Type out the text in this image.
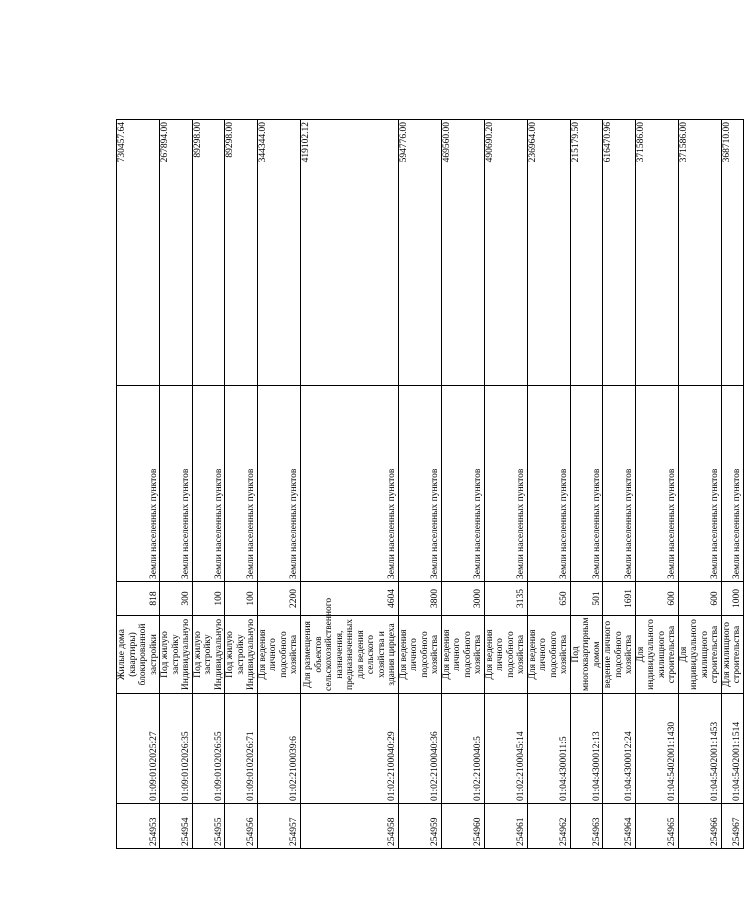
254953	01:09:0102025:27	Жилые дома (квартиры) блокированной застройки	818	Земли населенных пунктов	730457.64
254954	01:09:0102026:35	Под жилую застройку Индивидуальную	300	Земли населенных пунктов	267894.00
254955	01:09:0102026:55	Под жилую застройку Индивидуальную	100	Земли населенных пунктов	89298.00
254956	01:09:0102026:71	Под жилую застройку Индивидуальную	100	Земли населенных пунктов	89298.00
254957	01:02:2100039:6	Для ведения личного подсобного хозяйства	2200	Земли населенных пунктов	344344.00
254958	01:02:2100040:29	Для размещения объектов сельскохозяйственного назначения, предназначенных для ведения сельского хозяйства и здания цирцеха	4604	Земли населенных пунктов	419102.12
254959	01:02:2100040:36	Для ведения личного подсобного хозяйства	3800	Земли населенных пунктов	594776.00
254960	01:02:2100040:5	Для ведения личного подсобного хозяйства	3000	Земли населенных пунктов	469560.00
254961	01:02:2100045:14	Для ведения личного подсобного хозяйства	3135	Земли населенных пунктов	490690.20
254962	01:04:4300011:5	Для ведения личного подсобного хозяйства	650	Земли населенных пунктов	236964.00
254963	01:04:4300012:13	Под многоквартирным домом	501	Земли населенных пунктов	215179.50
254964	01:04:4300012:24	ведение личного подсобного хозяйства	1691	Земли населенных пунктов	616470.96
254965	01:04:5402001:1430	Для индивидуального жилищного строительства	600	Земли населенных пунктов	371586.00
254966	01:04:5402001:1453	Для индивидуального жилищного строительства	600	Земли населенных пунктов	371586.00
254967	01:04:5402001:1514	Для жилищного строительства	1000	Земли населенных пунктов	368710.00
